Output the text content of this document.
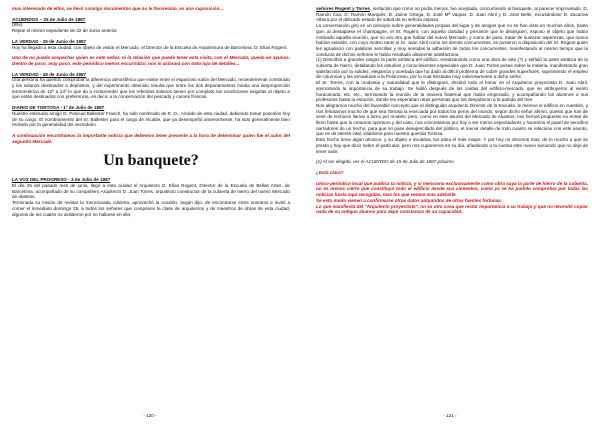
mas interesado de ellos, se llevó consigo documentos que no le favorecían, es una suposición...

ACUERDOS – 25 de Julio de 1887

(85v)

Repite el mismo expediente de 22 de Junio anterior

LA VERDAD - 25 de Junio de 1887

Hoy ha llegado a esta ciudad, con objeto de visitar el Mercado, el Director de la Escuela de Arquitectura de Barcelona, D. Elías Rogent.

Uno de no puede sospechar quien es este señor, ni la relación que puede tener esta visita, con el Mercado, queda en ayunas. Dentro de poco, muy poco, este periódico menos escurridizo, nos lo aclarará con todo lujo de detalles...

LA VERDAD - 28 de Junio de 1887

Una persona ha querido comprobar la diferencia atmosférica que existe entre el espacioso salón del Mercado, recientemente construido y los solanos destinados a depósitos, y del experimento obtenido resulta que entre los dos departamentos media una desproporción termométrica de 12º a 14º lo que da a comprender que los referidos solanos tienen por completo las condiciones exigidas al objeto a que están destinados con preferencia, es decir, a la conservación del pescado y carnes frescas.

DIARIO DE TORTOSA - 1º de Julio de 1887

Nuestro estimado amigo D. Pascual Ballester Franch, ha sido nombrado de R. O., Alcalde de esta ciudad, debiendo tomar posesión hoy de su cargo. El nombramiento del Sr. Ballester para el cargo de Alcalde, que ya desempeñó anteriormente, ha sido generalmente bien recibido por la generalidad del vecindario.

A continuación encontramos la importante noticia que debemos tener presente a la hora de determinar quien fue el autor del segundo Mercado.

Un banquete?
LA VOZ DEL PROGRESO - 3 de Julio de 1887

El día 25 del pasado mes de junio, llegó a esta ciudad el Arquitecto D. Elías Rogent, Director de la Escuela de Bellas Artes, de Barcelona, acompañado de su compañero Arquitecto D. Juan Torres, arquitecto constructor de la cubierta de hierro del nuevo Mercado de abastos.

Terminada su misión de revisar la mencionada cubierta, aprovechó la ocasión, según dijo, de encontrarse entre nosotros e invitó a comer el inmediato domingo 26, a todos los señores que componen la clase de arquitectos y de maestros de obras de esta ciudad, algunos de los cuales no asistieron por no hallarse en ella;

- 120 -

señores Rogent y Torres, invitación que como no podía menos, fue aceptada, concurriendo al banquete, al parecer improvisado, D. Ramón Cao, D. Ramón Marqués, D. Jaime Ortega, D. José Mª Vaquer, D. Juan Abril y D. José Beltri, excusándose D. Zacarías Albera por el delicado estado de salud de su señora esposa.

La conversación giró en un principio sobre generalidades propias del lugar y de amigos que no se han visto en muchos años, hasta que, al destaparse el champagne, el Sr. Rogent, con aquella claridad y precisión que le distinguen, expuso el objeto que había motivado aquella reunión, que no era otro que hablar del nuevo Mercado, y como de paso, tratar de suavizar asperezas, que nunca habían existido, con cuyo motivo tanto el Sr. Juan Abril como los demás concurrentes, se pusieron a disposición del Sr. Rogent quien les agradeció con palabras sencillas y muy sentidas la adhesión de todos los concurrentes, manifestando al mismo tiempo que la conducta de dichos señores le había resultado altamente satisfactoria.

(1) Describió a grandes rasgos la parte artística del edificio, ensalzándola como una obra de arte (?) y señaló la parte estática de la cubierta de hierro, detallando los estudios y conocimientos especiales que D. Juan Torres posee sobre la materia, manifestando gran satisfacción por la solidez, elegancia y acertada que ha dado al difícil problema de cubrir grandes superficies, suprimiendo el empleo de columnas y las armaduras a la Polonceau, por lo cual felicitaba muy calurosamente a dicho señor.

El Sr. Torres, con la modestia y naturalidad que le distinguen, declinó todo el honor en el Arquitecto proyectista D. Juan Abril, aminorando la importancia de su trabajo. Se habló después de las caídas del edificio-mercado, que se atribuyeron al viento huracanado, etc. etc., terminando la reunión de la manera fraternal que había empezado, y acompañando los alumnos a sus profesores hasta la estación, donde les esperaban otras personas que los despidieron a la partida del tren.

Nos alegramos mucho del favorable concepto que al distinguido arquitecto Director de la Escuela, le merece el edificio en cuestión, y nos felicitamos mucho de que sea Tortosa la enviciada por todos los peros del mundo, según dicho señor afirmó, puesto que han de venir de rechinos llamar a turno por modelo; pero, como en este asunto del Mercado de Abastos, nos hemos propuesto no entrar de lleno hasta que lo creamos oportuno y del caso, nos concretamos por hoy a ser meros espectadores y hacemos el papel de sencillos narradores de un hecho, para que no pase desapercibido del público, el menor detalle de todo cuanto se relacione con este asunto, que es de interés vital, vitalísimo para nuestra querida Tortosa.

Esto hecho tiene algún alcance, y su objeto e iniciativa, los atina el más miope. Y por hoy no decimos mas, de lo mucho a que se presta y hay que decir sobre el particular, pero nos cuparemos en su día, añadiendo a la cuenta este nuevo sumando que no deja de tener valor.

(1) Al ser elegido, ver el ACUERDO de 15 de Julio de 1887 próximo

¿Está claro?

Unico periódico local que publica la noticia; y si menciona exclusivamente como obra suya la parte de hierro de la cubierta, no es menos cierto que constituyó todo el edificio desde sus cimientos, como ya se ha podido comprobar por todas las noticias hasta aquí recogidas, mas los que vemos mas adelante

Se esto modo vienen a confirmarse otros datos adquiridos de otras fuentes fortunas.

Lo que manifiesta del "Arquitecto proyectista", no es otra cosa que restar importancia a su trabajo y que no necesitó copiar nada de su antiguo alumno para dejar constancia de su capacidad.

- 121 -
